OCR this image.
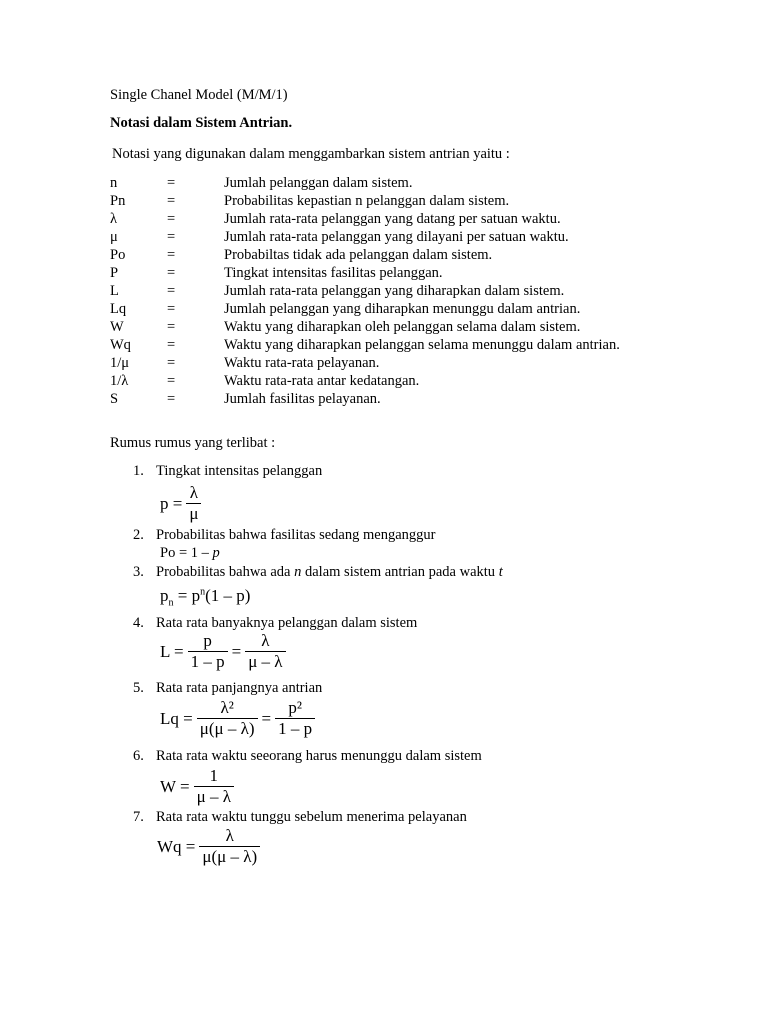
Single Chanel Model (M/M/1)
Notasi dalam Sistem Antrian.
Notasi yang digunakan dalam menggambarkan sistem antrian yaitu :
n	=	Jumlah pelanggan dalam sistem.
Pn	=	Probabilitas kepastian n pelanggan dalam sistem.
λ	=	Jumlah rata-rata pelanggan yang datang per satuan waktu.
μ	=	Jumlah rata-rata pelanggan yang dilayani per satuan waktu.
Po	=	Probabiltas tidak ada pelanggan dalam sistem.
P	=	Tingkat intensitas fasilitas pelanggan.
L	=	Jumlah rata-rata pelanggan yang diharapkan dalam sistem.
Lq	=	Jumlah pelanggan yang diharapkan menunggu dalam antrian.
W	=	Waktu yang diharapkan oleh pelanggan selama dalam sistem.
Wq =	Waktu yang diharapkan pelanggan selama menunggu dalam antrian.
1/μ	=	Waktu rata-rata pelayanan.
1/λ	=	Waktu rata-rata antar kedatangan.
S	=	Jumlah fasilitas pelayanan.
Rumus rumus yang terlibat :
1. Tingkat intensitas pelanggan
$p = \frac{\lambda}{\mu}$
2. Probabilitas bahwa fasilitas sedang menganggur
Po = 1 – p
3. Probabilitas bahwa ada n dalam sistem antrian pada waktu t
$p_n = p^n(1 - p)$
4. Rata rata banyaknya pelanggan dalam sistem
$L = \frac{p}{1 - p} = \frac{\lambda}{\mu - \lambda}$
5. Rata rata panjangnya antrian
$Lq = \frac{\text{λ²}}{\mu(\mu - \lambda)} = \frac{\text{p²}}{1 - p}$
6. Rata rata waktu seeorang harus menunggu dalam sistem
$W = \frac{1}{\mu - \lambda}$
7. Rata rata waktu tunggu sebelum menerima pelayanan
$Wq = \frac{\lambda}{\mu(\mu - \lambda)}$
